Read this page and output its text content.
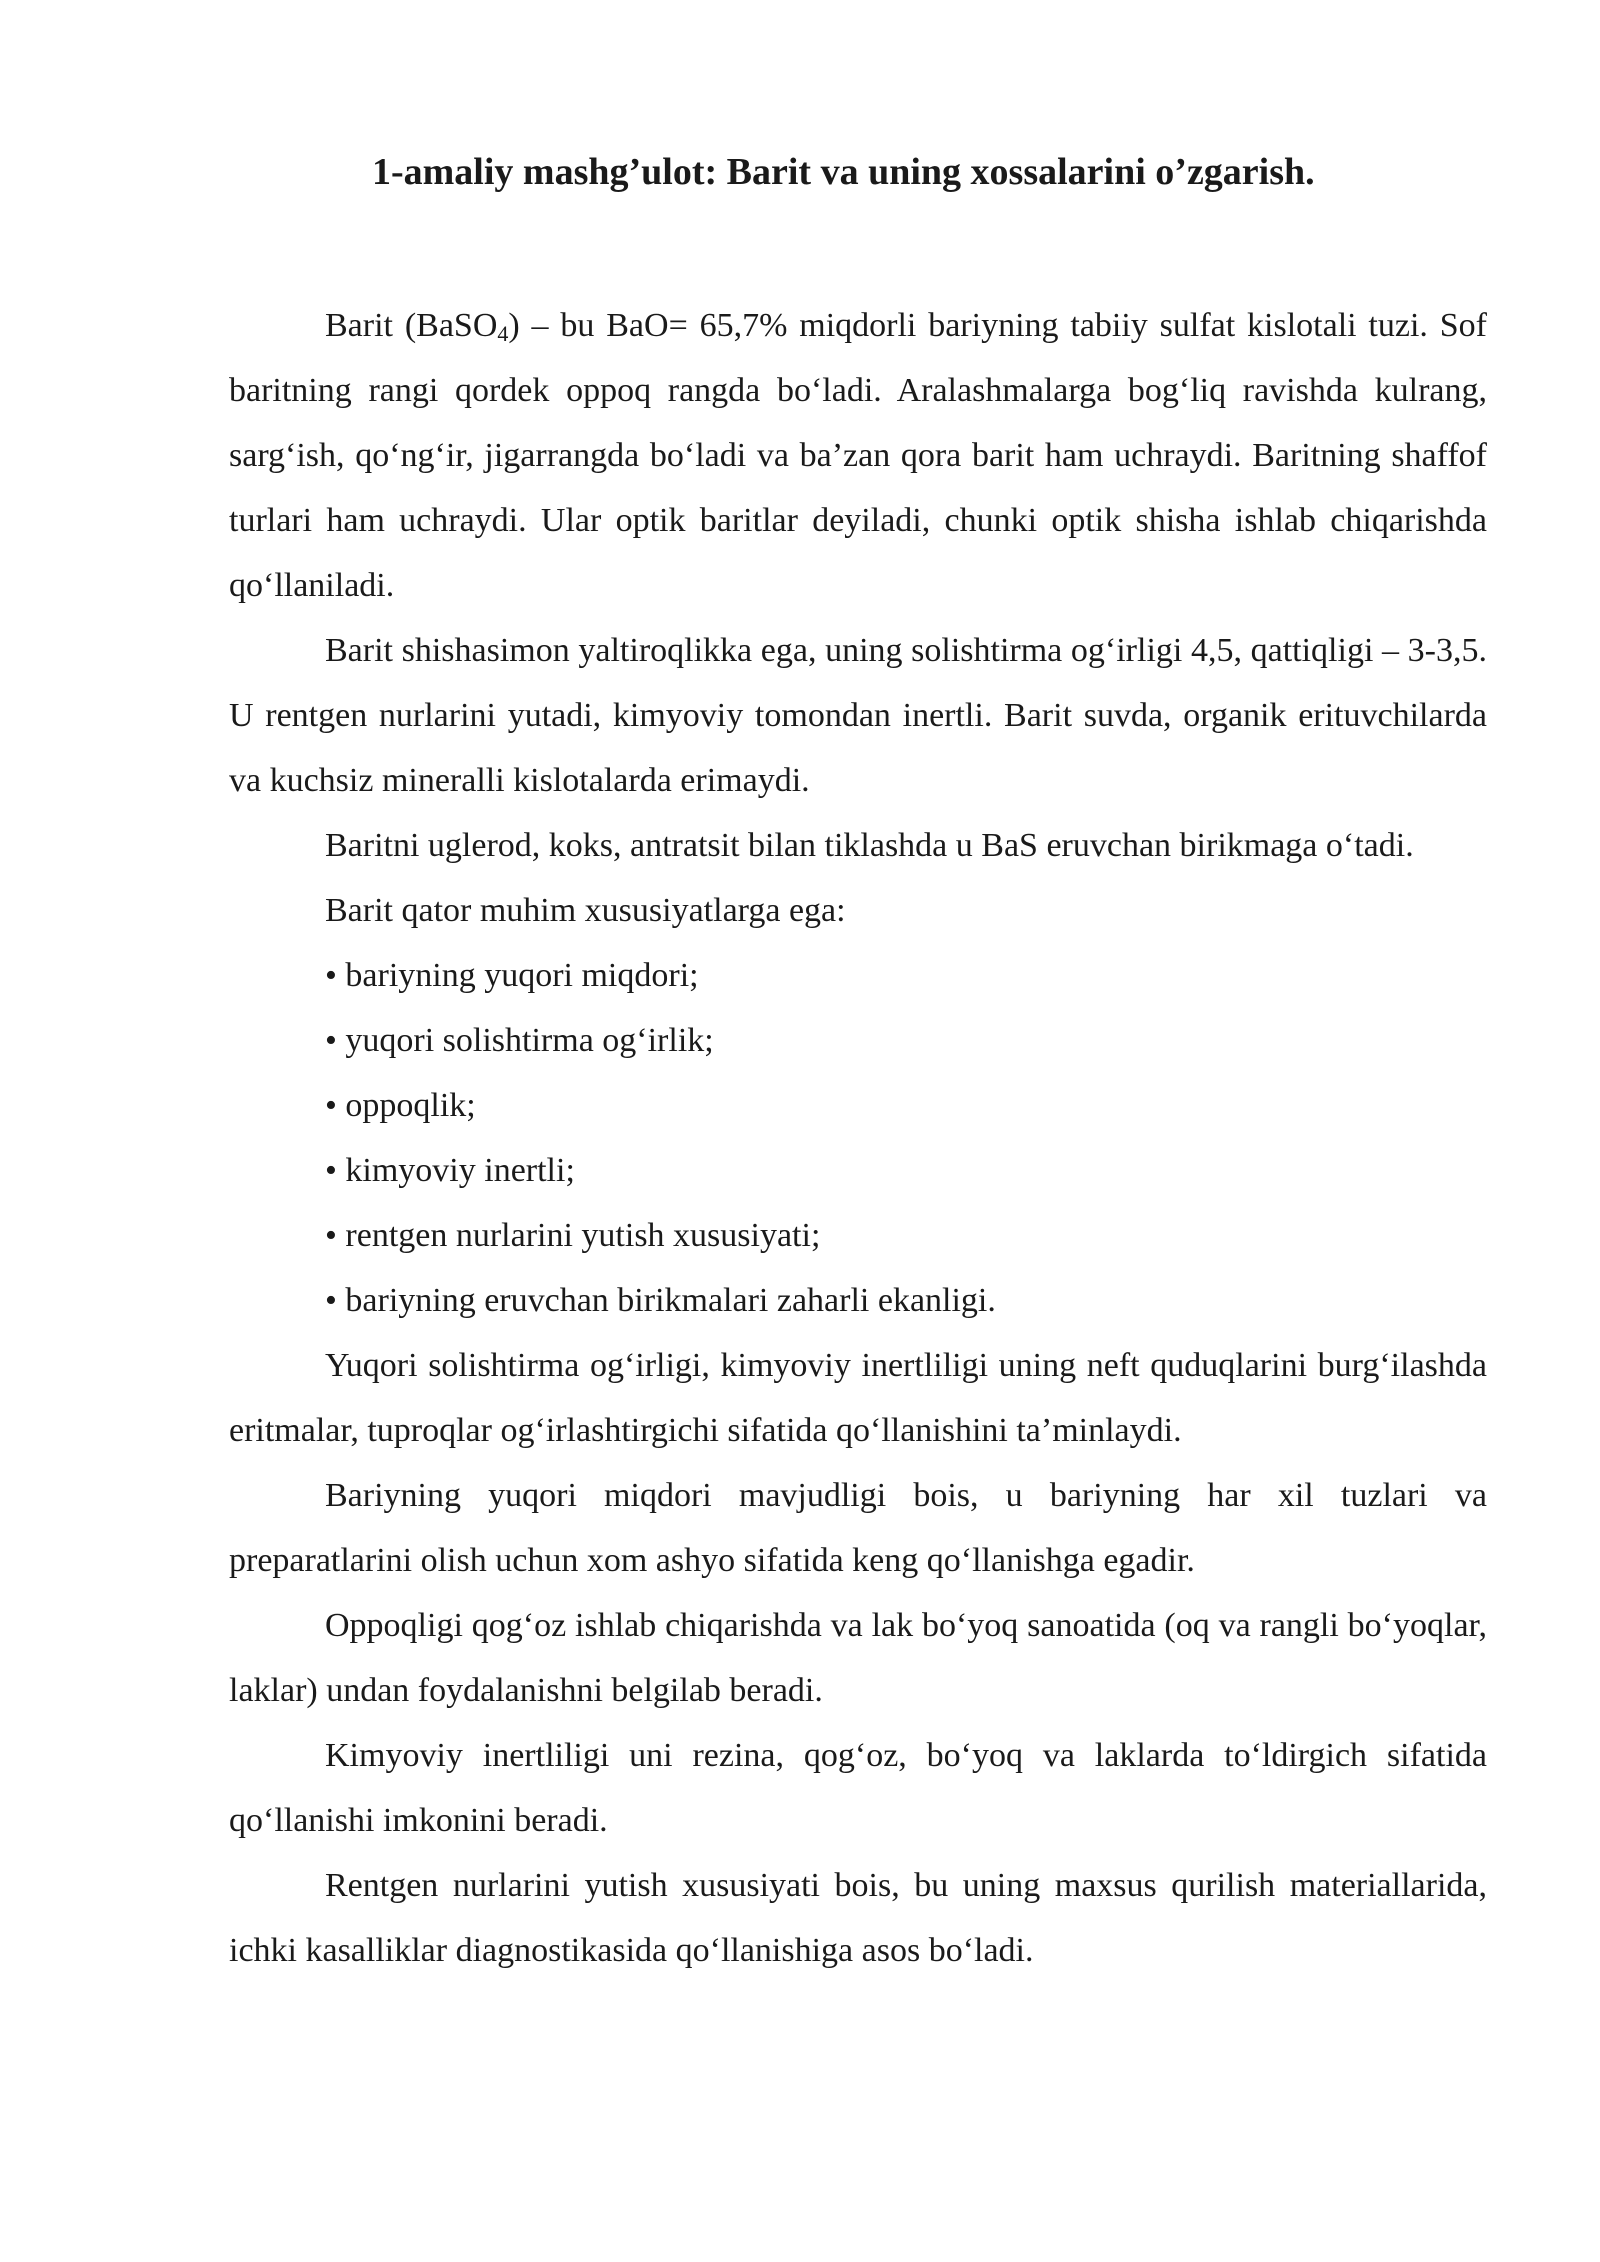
1-amaliy mashg’ulot: Barit va uning xossalarini o’zgarish.

Barit (BaSO$_4$) – bu BaO= 65,7% miqdorli bariyning tabiiy sulfat kislotali tuzi. Sof baritning rangi qordek oppoq rangda bo‘ladi. Aralashmalarga bog‘liq ravishda kulrang, sarg‘ish, qo‘ng‘ir, jigarrangda bo‘ladi va ba’zan qora barit ham uchraydi. Baritning shaffof turlari ham uchraydi. Ular optik baritlar deyiladi, chunki optik shisha ishlab chiqarishda qo‘llaniladi.

Barit shishasimon yaltiroqlikka ega, uning solishtirma og‘irligi 4,5, qattiqligi – 3-3,5. U rentgen nurlarini yutadi, kimyoviy tomondan inertli. Barit suvda, organik erituvchilarda va kuchsiz mineralli kislotalarda erimaydi.

Baritni uglerod, koks, antratsit bilan tiklashda u BaS eruvchan birikmaga o‘tadi.

Barit qator muhim xususiyatlarga ega:

• bariyning yuqori miqdori;

• yuqori solishtirma og‘irlik;

• oppoqlik;

• kimyoviy inertli;

• rentgen nurlarini yutish xususiyati;

• bariyning eruvchan birikmalari zaharli ekanligi.

Yuqori solishtirma og‘irligi, kimyoviy inertliligi uning neft quduqlarini burg‘ilashda eritmalar, tuproqlar og‘irlashtirgichi sifatida qo‘llanishini ta’minlaydi.

Bariyning yuqori miqdori mavjudligi bois, u bariyning har xil tuzlari va preparatlarini olish uchun xom ashyo sifatida keng qo‘llanishga egadir.

Oppoqligi qog‘oz ishlab chiqarishda va lak bo‘yoq sanoatida (oq va rangli bo‘yoqlar, laklar) undan foydalanishni belgilab beradi.

Kimyoviy inertliligi uni rezina, qog‘oz, bo‘yoq va laklarda to‘ldirgich sifatida qo‘llanishi imkonini beradi.

Rentgen nurlarini yutish xususiyati bois, bu uning maxsus qurilish materiallarida, ichki kasalliklar diagnostikasida qo‘llanishiga asos bo‘ladi.
